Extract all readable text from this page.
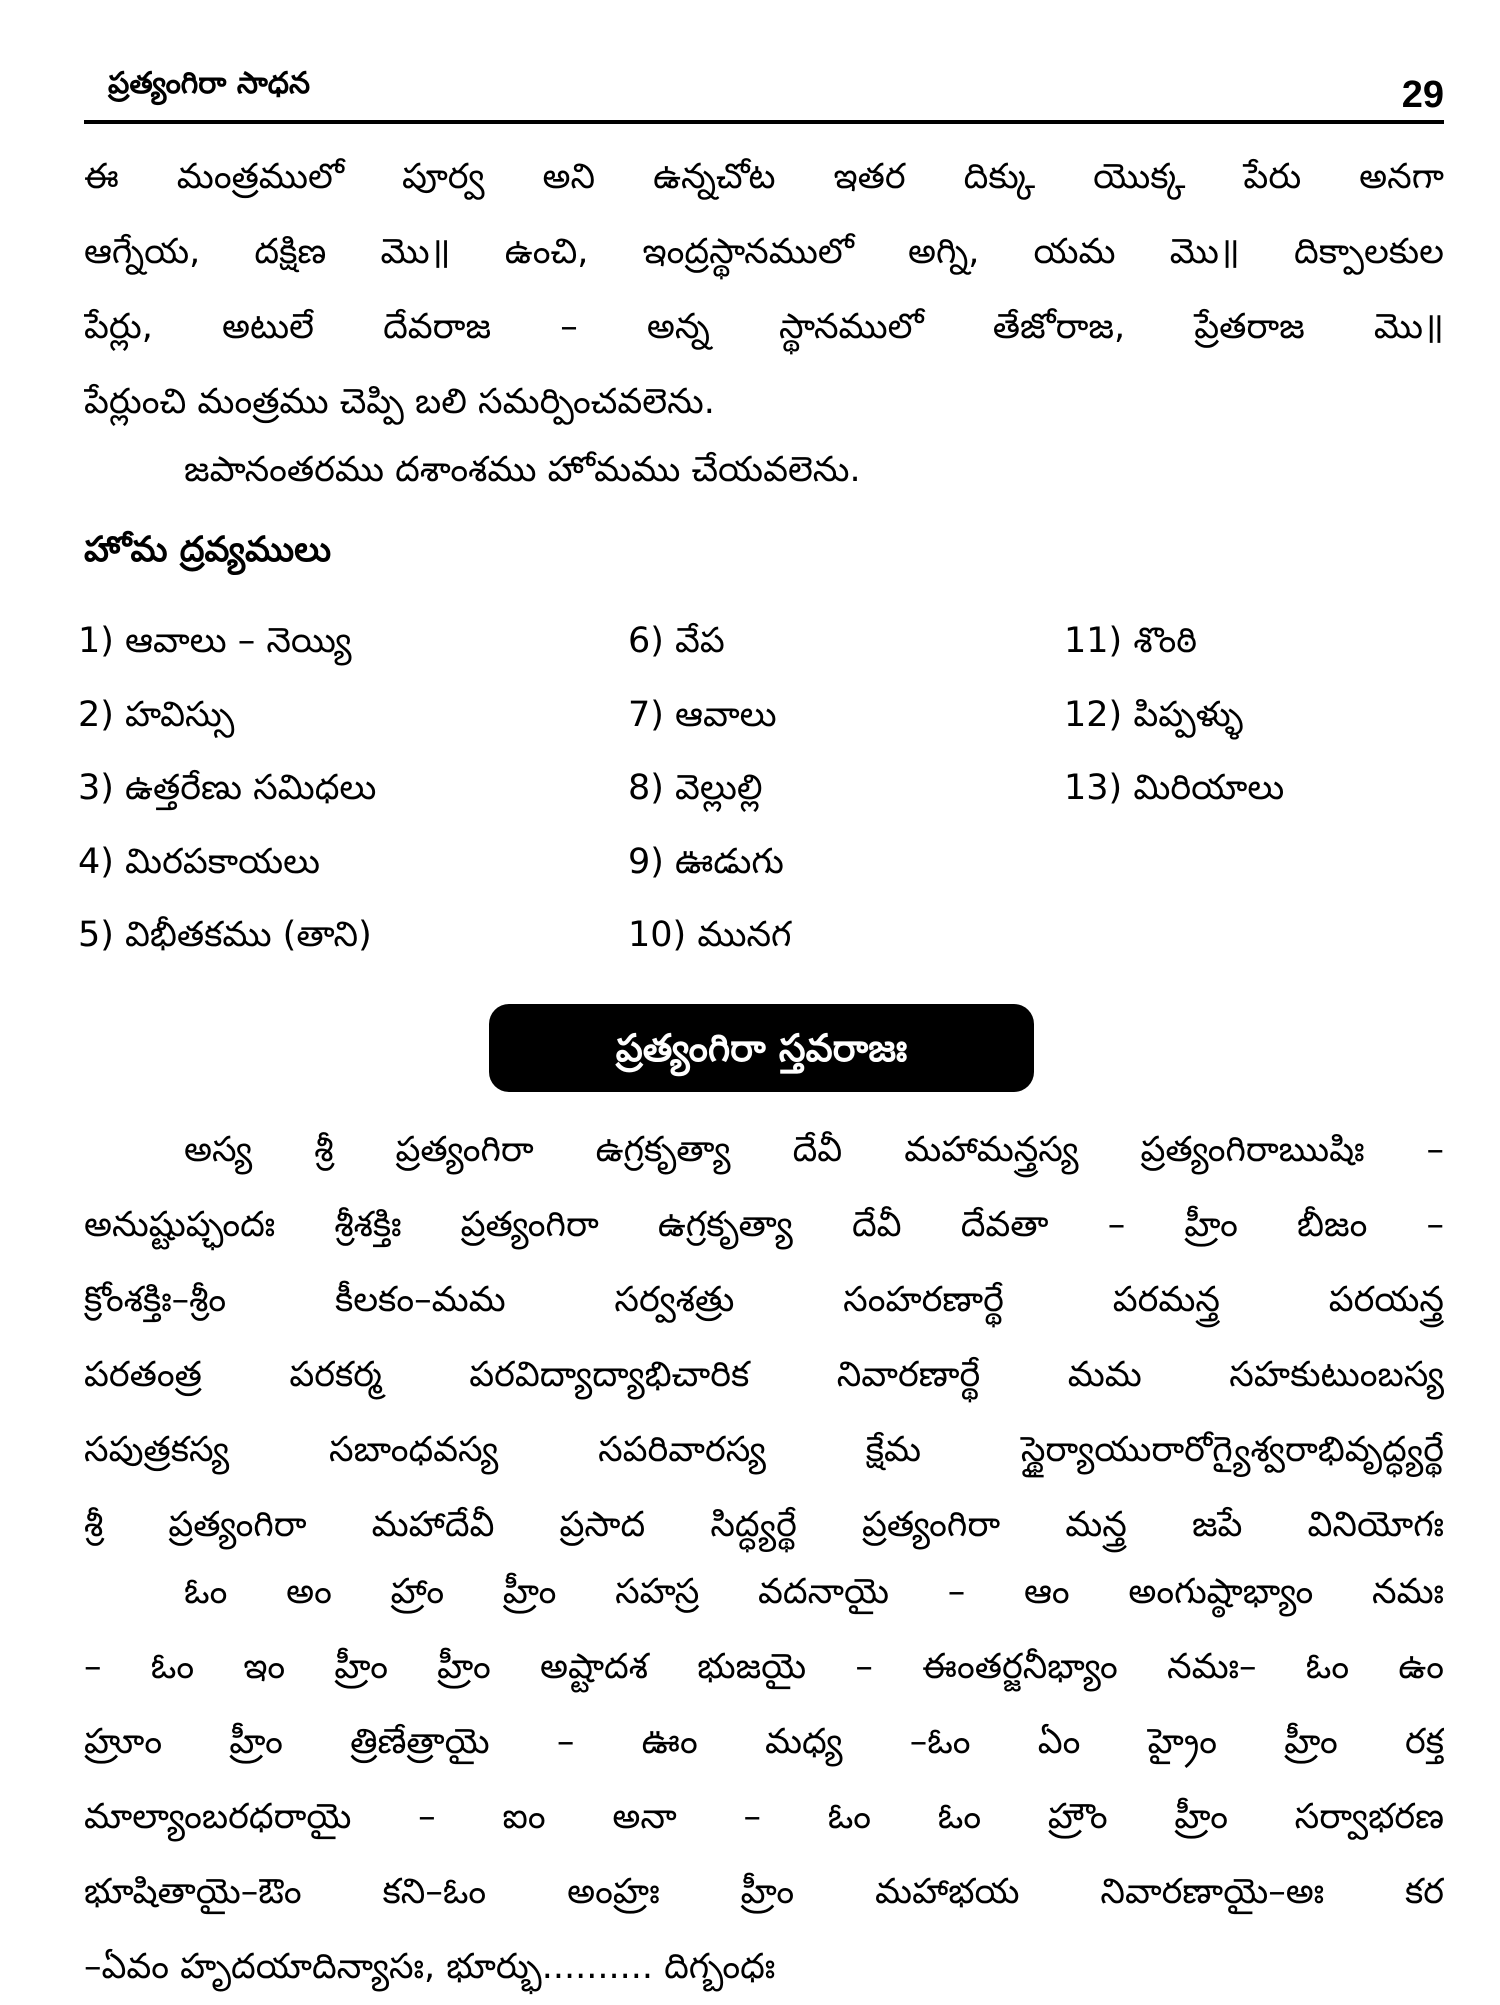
ప్రత్యంగిరా సాధన	29
ఈ మంత్రములో పూర్వ అని ఉన్నచోట ఇతర దిక్కు యొక్క పేరు అనగా
ఆగ్నేయ, దక్షిణ మొ॥ ఉంచి, ఇంద్రస్థానములో అగ్ని, యమ మొ॥ దిక్పాలకుల
పేర్లు, అటులే దేవరాజ – అన్న స్థానములో తేజోరాజ, ప్రేతరాజ మొ॥
పేర్లుంచి మంత్రము చెప్పి బలి సమర్పించవలెను.
జపానంతరము దశాంశము హోమము చేయవలెను.
హోమ ద్రవ్యములు
1) ఆవాలు – నెయ్యి
2) హవిస్సు
3) ఉత్తరేణు సమిధలు
4) మిరపకాయలు
5) విభీతకము (తాని)
6) వేప
7) ఆవాలు
8) వెల్లుల్లి
9) ఊడుగు
10) మునగ
11) శొంఠి
12) పిప్పళ్ళు
13) మిరియాలు
ప్రత్యంగిరా స్తవరాజః
అస్య శ్రీ ప్రత్యంగిరా ఉగ్రకృత్యా దేవీ మహామన్త్రస్య ప్రత్యంగిరాఋషిః –
అనుష్టుప్ఛందః శ్రీశక్తిః ప్రత్యంగిరా ఉగ్రకృత్యా దేవీ దేవతా – హ్రీం బీజం –
క్రోంశక్తిః–శ్రీం కీలకం–మమ సర్వశత్రు సంహరణార్థే పరమన్త్ర పరయన్త్ర
పరతంత్ర పరకర్మ పరవిద్యాద్యాభిచారిక నివారణార్థే మమ సహకుటుంబస్య
సపుత్రకస్య సబాంధవస్య సపరివారస్య క్షేమ స్థైర్యాయురారోగ్యైశ్వరాభివృద్ధ్యర్థే
శ్రీ ప్రత్యంగిరా మహాదేవీ ప్రసాద సిద్ధ్యర్థే ప్రత్యంగిరా మన్త్ర జపే వినియోగః
ఓం అం హ్రాం హ్రీం సహస్ర వదనాయై – ఆం అంగుష్ఠాభ్యాం నమః
– ఓం ఇం హ్రీం హ్రీం అష్టాదశ భుజయై – ఈంతర్జనీభ్యాం నమః– ఓం ఉం
హ్రూం హ్రీం త్రిణేత్రాయై – ఊం మధ్య –ఓం ఏం హ్రైం హ్రీం రక్త
మాల్యాంబరధరాయై – ఐం అనా – ఓం ఓం హ్రౌం హ్రీం సర్వాభరణ
భూషితాయై–ఔం కని–ఓం అంహ్రః హ్రీం మహాభయ నివారణాయై–అః కర
–ఏవం హృదయాదిన్యాసః, భూర్భు.......... దిగ్బంధః
